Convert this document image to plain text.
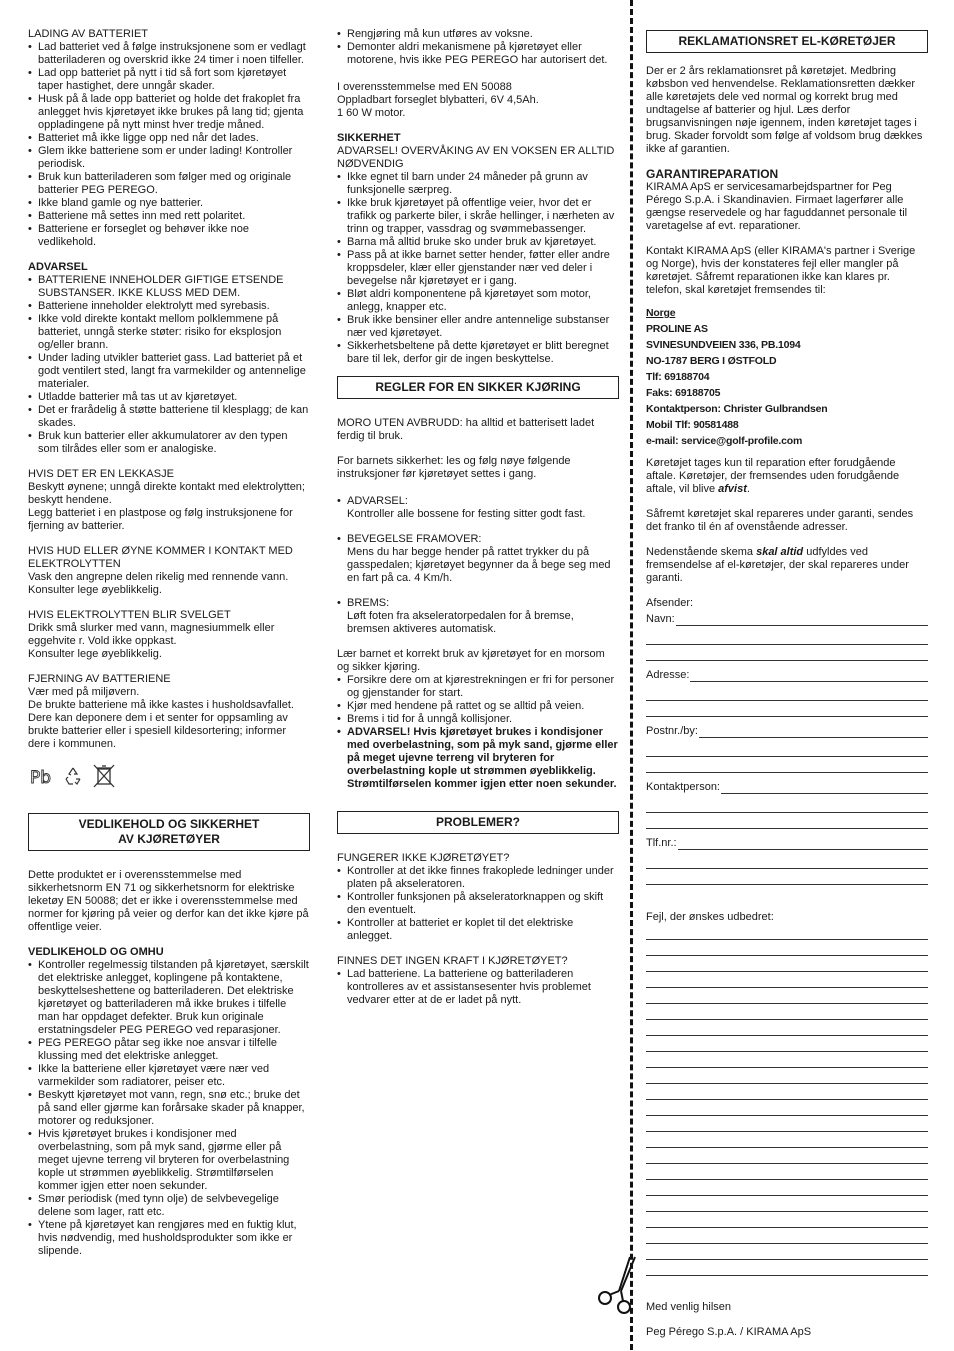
LADING AV BATTERIET

• Lad batteriet ved å følge instruksjonene som er vedlagt batteriladeren og overskrid ikke 24 timer i noen tilfeller.
• Lad opp batteriet på nytt i tid så fort som kjøretøyet taper hastighet, dere unngår skader.
• Husk på å lade opp batteriet og holde det frakoplet fra anlegget hvis kjøretøyet ikke brukes på lang tid; gjenta oppladingene på nytt minst hver tredje måned.
• Batteriet må ikke ligge opp ned når det lades.
• Glem ikke batteriene som er under lading! Kontroller periodisk.
• Bruk kun batteriladeren som følger med og originale batterier PEG PEREGO.
• Ikke bland gamle og nye batterier.
• Batteriene må settes inn med rett polaritet.
• Batteriene er forseglet og behøver ikke noe vedlikehold.

ADVARSEL

• BATTERIENE INNEHOLDER GIFTIGE ETSENDE SUBSTANSER. IKKE KLUSS MED DEM.
• Batteriene inneholder elektrolytt med syrebasis.
• Ikke vold direkte kontakt mellom polklemmene på batteriet, unngå sterke støter: risiko for eksplosjon og/eller brann.
• Under lading utvikler batteriet gass. Lad batteriet på et godt ventilert sted, langt fra varmekilder og antennelige materialer.
• Utladde batterier må tas ut av kjøretøyet.
• Det er frarådelig å støtte batteriene til klesplagg; de kan skades.
• Bruk kun batterier eller akkumulatorer av den typen som tilrådes eller som er analogiske.
HVIS DET ER EN LEKKASJE
Beskytt øynene; unngå direkte kontakt med elektrolytten; beskytt hendene.
Legg batteriet i en plastpose og følg instruksjonene for fjerning av batterier.
HVIS HUD ELLER ØYNE KOMMER I KONTAKT MED ELEKTROLYTTEN
Vask den angrepne delen rikelig med rennende vann. Konsulter lege øyeblikkelig.
HVIS ELEKTROLYTTEN BLIR SVELGET
Drikk små slurker med vann, magnesiummelk eller eggehvite r. Vold ikke oppkast.
Konsulter lege øyeblikkelig.
FJERNING AV BATTERIENE
Vær med på miljøvern.
De brukte batteriene må ikke kastes i husholdsavfallet.
Dere kan deponere dem i et senter for oppsamling av brukte batterier eller i spesiell kildesortering; informer dere i kommunen.
Pb
VEDLIKEHOLD OG SIKKERHET
AV KJØRETØYER

Dette produktet er i overensstemmelse med sikkerhetsnorm EN 71 og sikkerhetsnorm for elektriske leketøy EN 50088; det er ikke i overensstemmelse med normer for kjøring på veier og derfor kan det ikke kjøre på offentlige veier.

VEDLIKEHOLD OG OMHU

• Kontroller regelmessig tilstanden på kjøretøyet, særskilt det elektriske anlegget, koplingene på kontaktene, beskyttelseshettene og batteriladeren. Det elektriske kjøretøyet og batteriladeren må ikke brukes i tilfelle man har oppdaget defekter. Bruk kun originale erstatningsdeler PEG PEREGO ved reparasjoner.
• PEG PEREGO påtar seg ikke noe ansvar i tilfelle klussing med det elektriske anlegget.
• Ikke la batteriene eller kjøretøyet være nær ved varmekilder som radiatorer, peiser etc.
• Beskytt kjøretøyet mot vann, regn, snø etc.; bruke det på sand eller gjørme kan forårsake skader på knapper, motorer og reduksjoner.
• Hvis kjøretøyet brukes i kondisjoner med overbelastning, som på myk sand, gjørme eller på meget ujevne terreng vil bryteren for overbelastning kople ut strømmen øyeblikkelig. Strømtilførselen kommer igjen etter noen sekunder.
• Smør periodisk (med tynn olje) de selvbevegelige delene som lager, ratt etc.
• Ytene på kjøretøyet kan rengjøres med en fuktig klut, hvis nødvendig, med husholdsprodukter som ikke er slipende.
• Rengjøring må kun utføres av voksne.
• Demonter aldri mekanismene på kjøretøyet eller motorene, hvis ikke PEG PEREGO har autorisert det.
I overensstemmelse med EN 50088
Oppladbart forseglet blybatteri, 6V 4,5Ah.
1 60 W motor.

SIKKERHET

ADVARSEL! OVERVÅKING AV EN VOKSEN ER ALLTID NØDVENDIG

• Ikke egnet til barn under 24 måneder på grunn av funksjonelle særpreg.
• Ikke bruk kjøretøyet på offentlige veier, hvor det er trafikk og parkerte biler, i skråe hellinger, i nærheten av trinn og trapper, vassdrag og svømmebassenger.
• Barna må alltid bruke sko under bruk av kjøretøyet.
• Pass på at ikke barnet setter hender, føtter eller andre kroppsdeler, klær eller gjenstander nær ved deler i bevegelse når kjøretøyet er i gang.
• Bløt aldri komponentene på kjøretøyet som motor, anlegg, knapper etc.
• Bruk ikke bensiner eller andre antennelige substanser nær ved kjøretøyet.
• Sikkerhetsbeltene på dette kjøretøyet er blitt beregnet bare til lek, derfor gir de ingen beskyttelse.
REGLER FOR EN SIKKER KJØRING

MORO UTEN AVBRUDD: ha alltid et batterisett ladet ferdig til bruk.

For barnets sikkerhet: les og følg nøye følgende instruksjoner før kjøretøyet settes i gang.

• ADVARSEL:
Kontroller alle bossene for festing sitter godt fast.
• BEVEGELSE FRAMOVER:
Mens du har begge hender på rattet trykker du på gasspedalen; kjøretøyet begynner da å bege seg med en fart på ca. 4 Km/h.
• BREMS:
Løft foten fra akseleratorpedalen for å bremse, bremsen aktiveres automatisk.

Lær barnet et korrekt bruk av kjøretøyet for en morsom og sikker kjøring.

• Forsikre dere om at kjørestrekningen er fri for personer og gjenstander for start.
• Kjør med hendene på rattet og se alltid på veien.
• Brems i tid for å unngå kollisjoner.
• ADVARSEL! Hvis kjøretøyet brukes i kondisjoner med overbelastning, som på myk sand, gjørme eller på meget ujevne terreng vil bryteren for overbelastning kople ut strømmen øyeblikkelig. Strømtilførselen kommer igjen etter noen sekunder.
PROBLEMER?

FUNGERER IKKE KJØRETØYET?

• Kontroller at det ikke finnes frakoplede ledninger under platen på akseleratoren.
• Kontroller funksjonen på akseleratorknappen og skift den eventuelt.
• Kontroller at batteriet er koplet til det elektriske anlegget.

FINNES DET INGEN KRAFT I KJØRETØYET?

• Lad batteriene. La batteriene og batteriladeren kontrolleres av et assistansesenter hvis problemet vedvarer etter at de er ladet på nytt.
REKLAMATIONSRET EL-KØRETØJER

Der er 2 års reklamationsret på køretøjet. Medbring købsbon ved henvendelse. Reklamationsretten dækker alle køretøjets dele ved normal og korrekt brug med undtagelse af batterier og hjul. Læs derfor brugsanvisningen nøje igennem, inden køretøjet tages i brug. Skader forvoldt som følge af voldsom brug dækkes ikke af garantien.

GARANTIREPARATION

KIRAMA ApS er servicesamarbejdspartner for Peg Pérego S.p.A. i Skandinavien. Firmaet lagerfører alle gængse reservedele og har faguddannet personale til varetagelse af evt. reparationer.

Kontakt KIRAMA ApS (eller KIRAMA's partner i Sverige og Norge), hvis der konstateres fejl eller mangler på køretøjet. Såfremt reparationen ikke kan klares pr. telefon, skal køretøjet fremsendes til:

Norge

PROLINE AS

SVINESUNDVEIEN 336, PB.1094

NO-1787 BERG I ØSTFOLD

Tlf: 69188704

Faks: 69188705

Kontaktperson: Christer Gulbrandsen

Mobil Tlf: 90581488

e-mail: service@golf-profile.com

Køretøjet tages kun til reparation efter forudgående aftale. Køretøjer, der fremsendes uden forudgående aftale, vil blive afvist.

Såfremt køretøjet skal repareres under garanti, sendes det franko til én af ovenstående adresser.

Nedenstående skema skal altid udfyldes ved fremsendelse af el-køretøjer, der skal repareres under garanti.

Afsender:
Navn:
Adresse:
Postnr./by:
Kontaktperson:
Tlf.nr.:
Fejl, der ønskes udbedret:

Med venlig hilsen

Peg Pérego S.p.A. / KIRAMA ApS
